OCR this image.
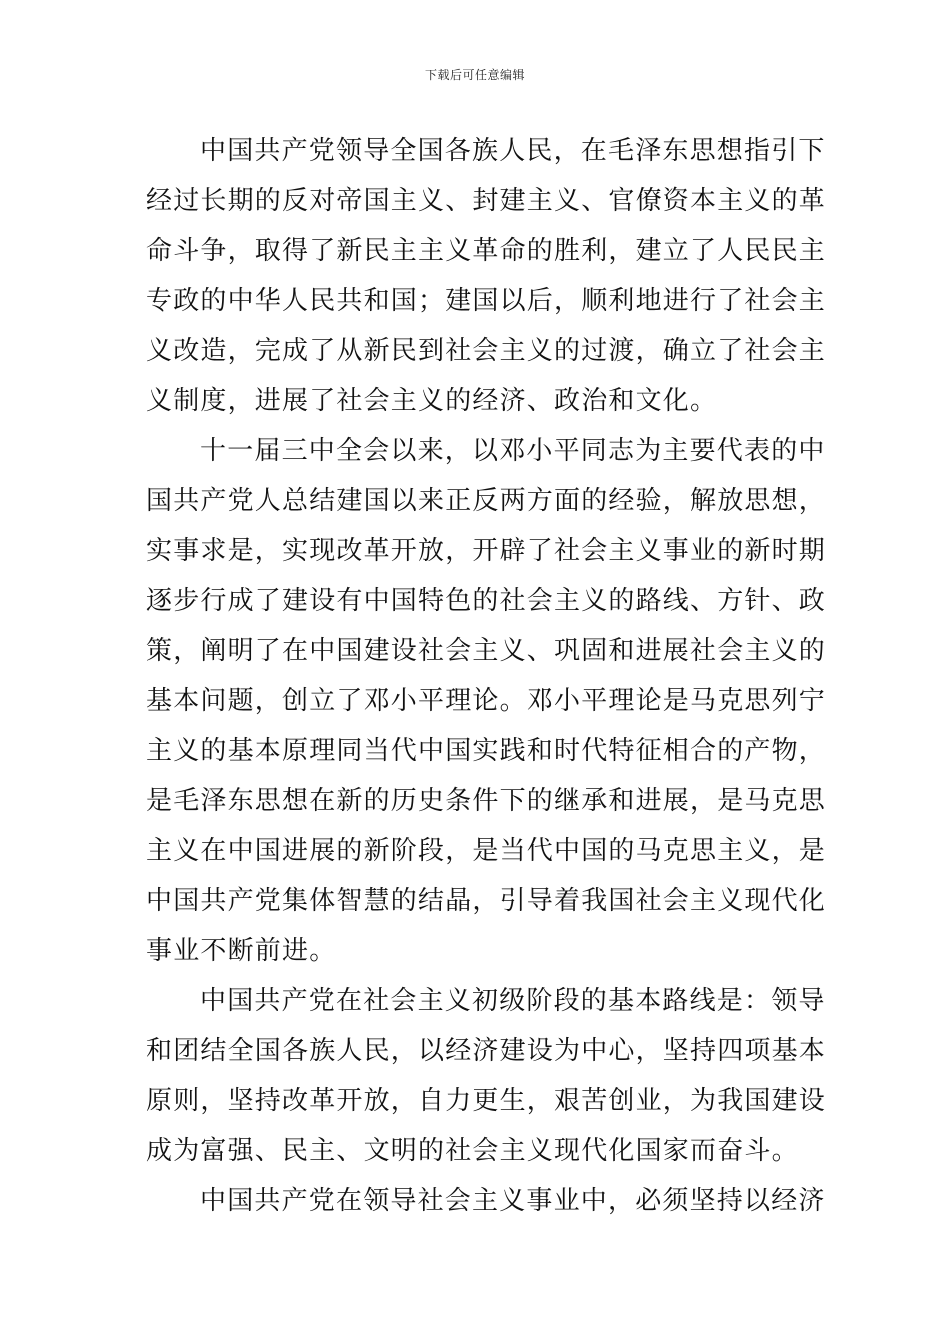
下载后可任意编辑
中国共产党领导全国各族人民，在毛泽东思想指引下
经过长期的反对帝国主义、封建主义、官僚资本主义的革
命斗争，取得了新民主主义革命的胜利，建立了人民民主
专政的中华人民共和国；建国以后，顺利地进行了社会主
义改造，完成了从新民到社会主义的过渡，确立了社会主
义制度，进展了社会主义的经济、政治和文化。
十一届三中全会以来，以邓小平同志为主要代表的中
国共产党人总结建国以来正反两方面的经验，解放思想，
实事求是，实现改革开放，开辟了社会主义事业的新时期
逐步行成了建设有中国特色的社会主义的路线、方针、政
策，阐明了在中国建设社会主义、巩固和进展社会主义的
基本问题，创立了邓小平理论。邓小平理论是马克思列宁
主义的基本原理同当代中国实践和时代特征相合的产物，
是毛泽东思想在新的历史条件下的继承和进展，是马克思
主义在中国进展的新阶段，是当代中国的马克思主义，是
中国共产党集体智慧的结晶，引导着我国社会主义现代化
事业不断前进。
中国共产党在社会主义初级阶段的基本路线是：领导
和团结全国各族人民，以经济建设为中心，坚持四项基本
原则，坚持改革开放，自力更生，艰苦创业，为我国建设
成为富强、民主、文明的社会主义现代化国家而奋斗。
中国共产党在领导社会主义事业中，必须坚持以经济
